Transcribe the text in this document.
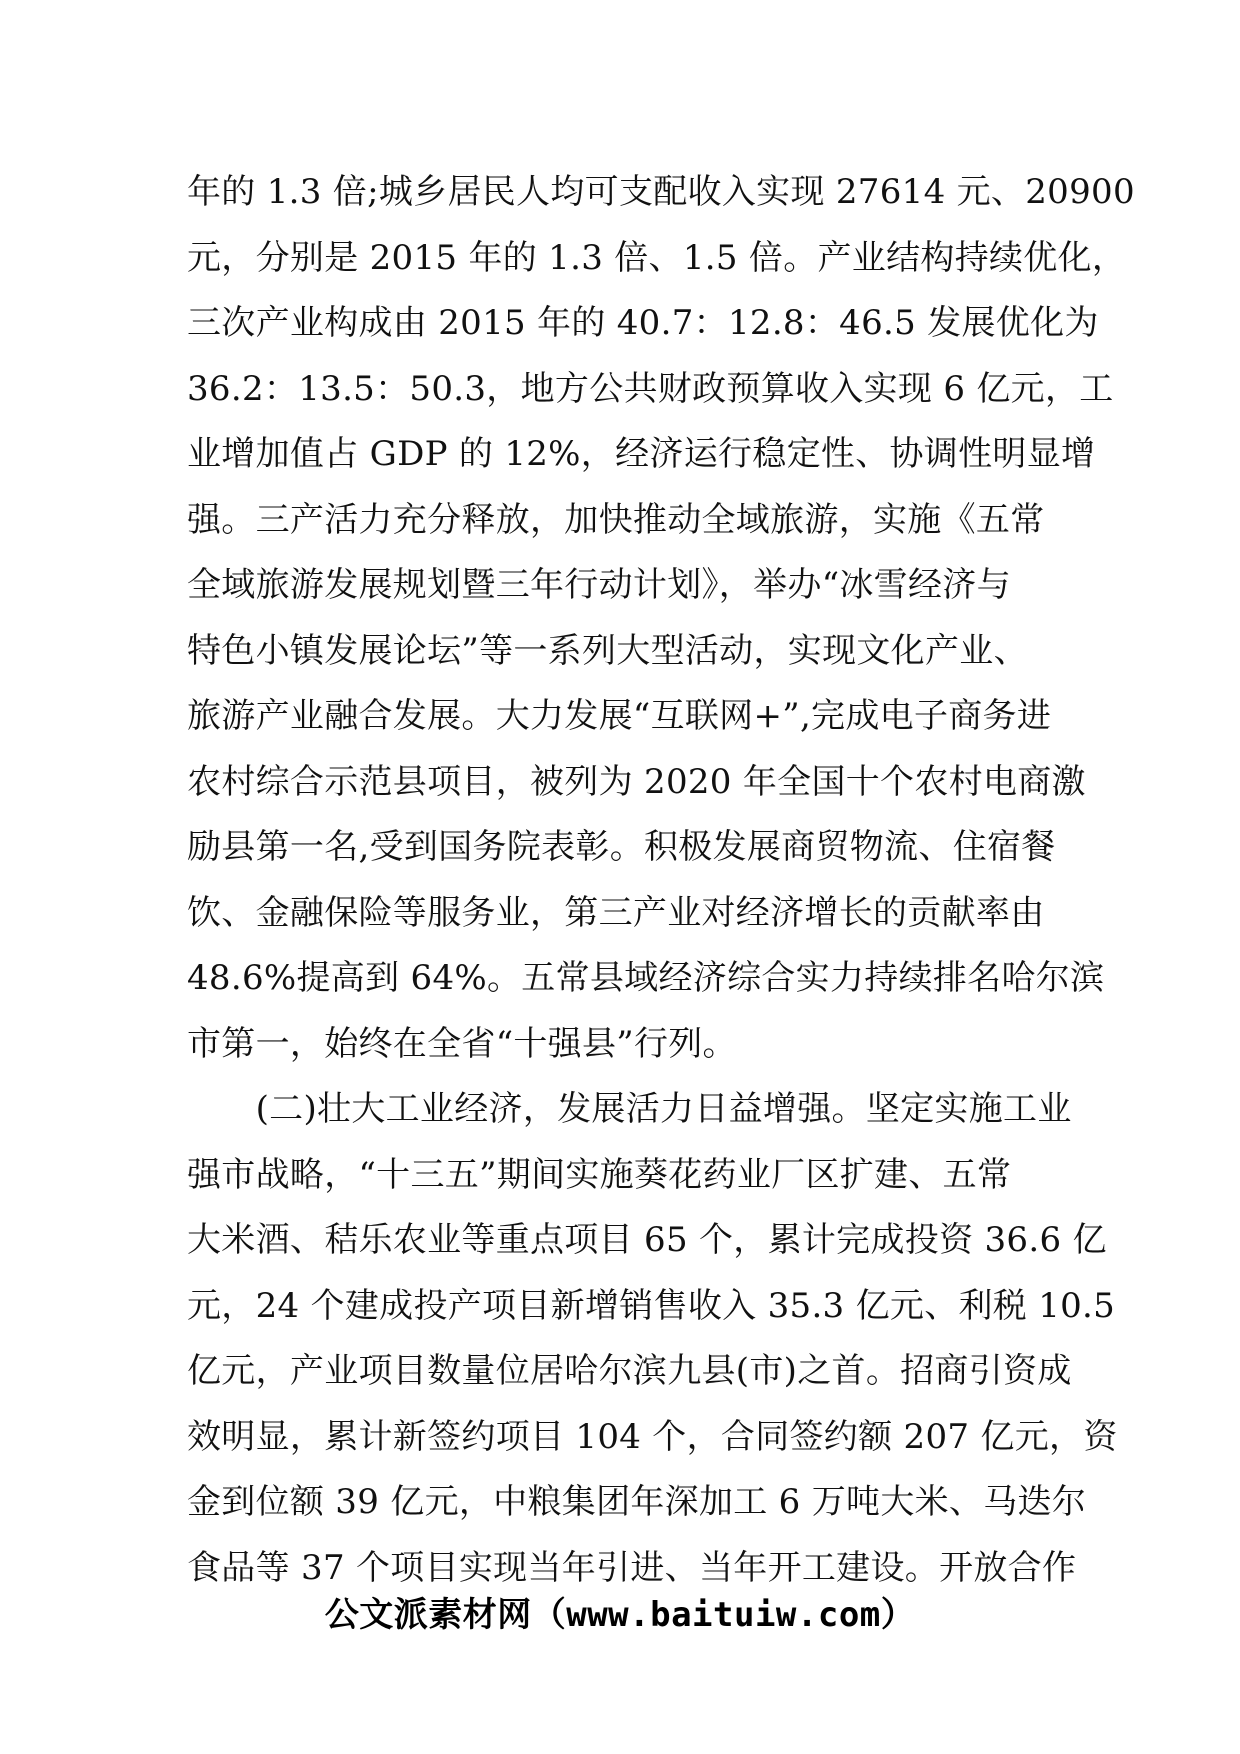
年的 1.3 倍;城乡居民人均可支配收入实现 27614 元、20900
元，分别是 2015 年的 1.3 倍、1.5 倍。产业结构持续优化，
三次产业构成由 2015 年的 40.7：12.8：46.5 发展优化为
36.2：13.5：50.3，地方公共财政预算收入实现 6 亿元，工
业增加值占 GDP 的 12%，经济运行稳定性、协调性明显增
强。三产活力充分释放，加快推动全域旅游，实施《五常
全域旅游发展规划暨三年行动计划》，举办“冰雪经济与
特色小镇发展论坛”等一系列大型活动，实现文化产业、
旅游产业融合发展。大力发展“互联网+”,完成电子商务进
农村综合示范县项目，被列为 2020 年全国十个农村电商激
励县第一名,受到国务院表彰。积极发展商贸物流、住宿餐
饮、金融保险等服务业，第三产业对经济增长的贡献率由
48.6%提高到 64%。五常县域经济综合实力持续排名哈尔滨
市第一，始终在全省“十强县”行列。
　　(二)壮大工业经济，发展活力日益增强。坚定实施工业
强市战略，“十三五”期间实施葵花药业厂区扩建、五常
大米酒、秸乐农业等重点项目 65 个，累计完成投资 36.6 亿
元，24 个建成投产项目新增销售收入 35.3 亿元、利税 10.5
亿元，产业项目数量位居哈尔滨九县(市)之首。招商引资成
效明显，累计新签约项目 104 个，合同签约额 207 亿元，资
金到位额 39 亿元，中粮集团年深加工 6 万吨大米、马迭尔
食品等 37 个项目实现当年引进、当年开工建设。开放合作
公文派素材网（www.baituiw.com）
